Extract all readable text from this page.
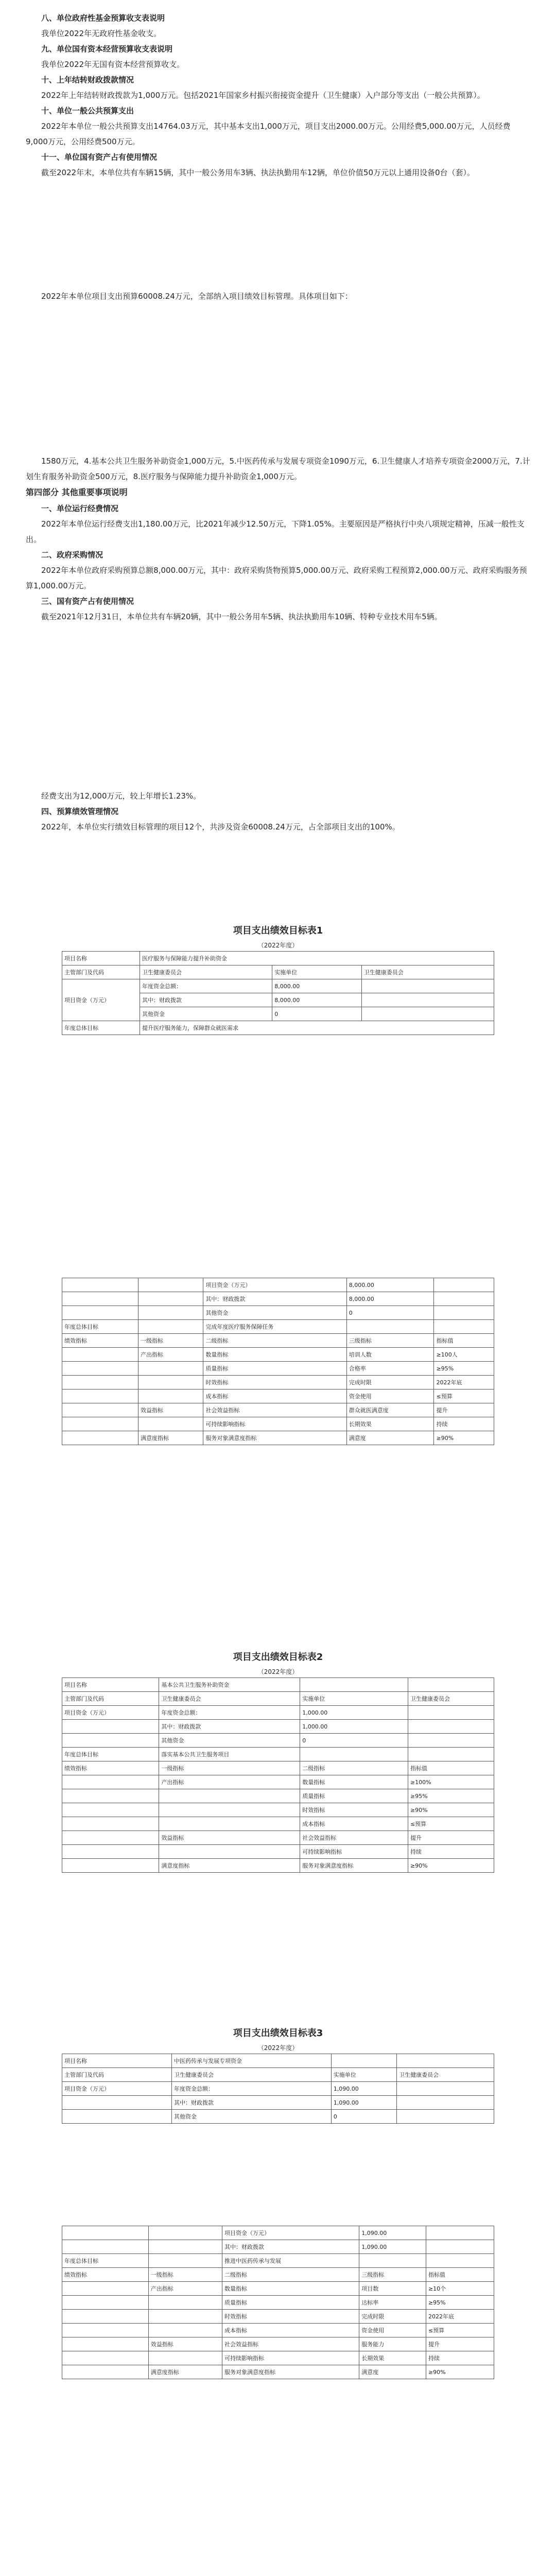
八、单位政府性基金预算收支表说明

我单位2022年无政府性基金收支。

九、单位国有资本经营预算收支表说明

我单位2022年无国有资本经营预算收支。

十、上年结转财政拨款情况

2022年上年结转财政拨款为1,000万元。包括2021年国家乡村振兴衔接资金提升（卫生健康）入户部分等支出（一般公共预算）。

十、单位一般公共预算支出

2022年本单位一般公共预算支出14764.03万元，其中基本支出1,000万元，项目支出2000.00万元。公用经费5,000.00万元，人员经费9,000万元，公用经费500万元。

十一、单位国有资产占有使用情况

截至2022年末，本单位共有车辆15辆，其中一般公务用车3辆、执法执勤用车12辆，单位价值50万元以上通用设备0台（套）。

2022年本单位项目支出预算60008.24万元，全部纳入项目绩效目标管理。具体项目如下：

1580万元，4.基本公共卫生服务补助资金1,000万元，5.中医药传承与发展专项资金1090万元，6.卫生健康人才培养专项资金2000万元，7.计划生育服务补助资金500万元，8.医疗服务与保障能力提升补助资金1,000万元。

第四部分 其他重要事项说明

一、单位运行经费情况

2022年本单位运行经费支出1,180.00万元，比2021年减少12.50万元，下降1.05%。主要原因是严格执行中央八项规定精神，压减一般性支出。

二、政府采购情况

2022年本单位政府采购预算总额8,000.00万元，其中：政府采购货物预算5,000.00万元、政府采购工程预算2,000.00万元、政府采购服务预算1,000.00万元。

三、国有资产占有使用情况

截至2021年12月31日，本单位共有车辆20辆，其中一般公务用车5辆、执法执勤用车10辆、特种专业技术用车5辆。

经费支出为12,000万元，较上年增长1.23%。

四、预算绩效管理情况

2022年，本单位实行绩效目标管理的项目12个，共涉及资金60008.24万元，占全部项目支出的100%。

项目支出绩效目标表1

（2022年度）

项目名称	医疗服务与保障能力提升补助资金		
主管部门及代码	卫生健康委员会	实施单位	卫生健康委员会
项目资金（万元）	年度资金总额：	8,000.00	
	其中：财政拨款	8,000.00	
	其他资金	0	
年度总体目标	提升医疗服务能力，保障群众就医需求		
		项目资金（万元）	8,000.00	
		其中：财政拨款	8,000.00	
		其他资金	0	
年度总体目标		完成年度医疗服务保障任务		
绩效指标	一级指标	二级指标	三级指标	指标值
	产出指标	数量指标	培训人数	≥100人
		质量指标	合格率	≥95%
		时效指标	完成时限	2022年底
		成本指标	资金使用	≤预算
	效益指标	社会效益指标	群众就医满意度	提升
		可持续影响指标	长期效果	持续
	满意度指标	服务对象满意度指标	满意度	≥90%

项目支出绩效目标表2

（2022年度）

项目名称	基本公共卫生服务补助资金		
主管部门及代码	卫生健康委员会	实施单位	卫生健康委员会
项目资金（万元）	年度资金总额：	1,000.00	
	其中：财政拨款	1,000.00	
	其他资金	0	
年度总体目标	落实基本公共卫生服务项目		
绩效指标	一级指标	二级指标	指标值
	产出指标	数量指标	≥100%
		质量指标	≥95%
		时效指标	≥90%
		成本指标	≤预算
	效益指标	社会效益指标	提升
		可持续影响指标	持续
	满意度指标	服务对象满意度指标	≥90%

项目支出绩效目标表3

（2022年度）

项目名称	中医药传承与发展专项资金		
主管部门及代码	卫生健康委员会	实施单位	卫生健康委员会
项目资金（万元）	年度资金总额：	1,090.00	
	其中：财政拨款	1,090.00	
	其他资金	0	
		项目资金（万元）	1,090.00	
		其中：财政拨款	1,090.00	
年度总体目标		推进中医药传承与发展		
绩效指标	一级指标	二级指标	三级指标	指标值
	产出指标	数量指标	项目数	≥10个
		质量指标	达标率	≥95%
		时效指标	完成时限	2022年底
		成本指标	资金使用	≤预算
	效益指标	社会效益指标	服务能力	提升
		可持续影响指标	长期效果	持续
	满意度指标	服务对象满意度指标	满意度	≥90%
